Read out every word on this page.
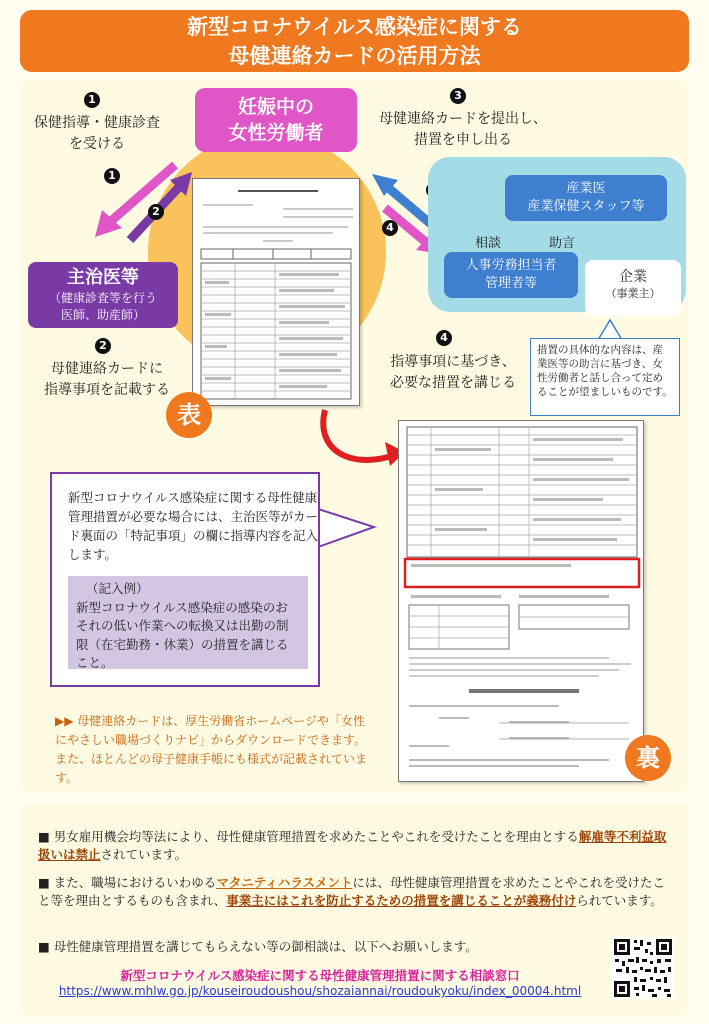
新型コロナウイルス感染症に関する
母健連絡カードの活用方法
妊娠中の
女性労働者
1
保健指導・健康診査
を受ける
1
2
主治医等
（健康診査等を行う
医師、助産師）
2
母健連絡カードに
指導事項を記載する
3
母健連絡カードを提出し、
措置を申し出る
4
産業医
産業保健スタッフ等
相談	助言
人事労務担当者
管理者等	企業
（事業主）
措置の具体的な内容は、産業医等の助言に基づき、女性労働者と話し合って定めることが望ましいものです。
4
指導事項に基づき、
必要な措置を講じる
表
裏
新型コロナウイルス感染症に関する母性健康管理措置が必要な場合には、主治医等がカード裏面の「特記事項」の欄に指導内容を記入します。
（記入例）
新型コロナウイルス感染症の感染のおそれの低い作業への転換又は出勤の制限（在宅勤務・休業）の措置を講じること。
▶▶ 母健連絡カードは、厚生労働省ホームページや「女性にやさしい職場づくりナビ」からダウンロードできます。また、ほとんどの母子健康手帳にも様式が記載されています。
■ 男女雇用機会均等法により、母性健康管理措置を求めたことやこれを受けたことを理由とする解雇等不利益取扱いは禁止されています。
■ また、職場におけるいわゆるマタニティハラスメントには、母性健康管理措置を求めたことやこれを受けたこと等を理由とするものも含まれ、事業主にはこれを防止するための措置を講じることが義務付けられています。
■ 母性健康管理措置を講じてもらえない等の御相談は、以下へお願いします。
新型コロナウイルス感染症に関する母性健康管理措置に関する相談窓口
https://www.mhlw.go.jp/kouseiroudoushou/shozaiannai/roudoukyoku/index_00004.html
